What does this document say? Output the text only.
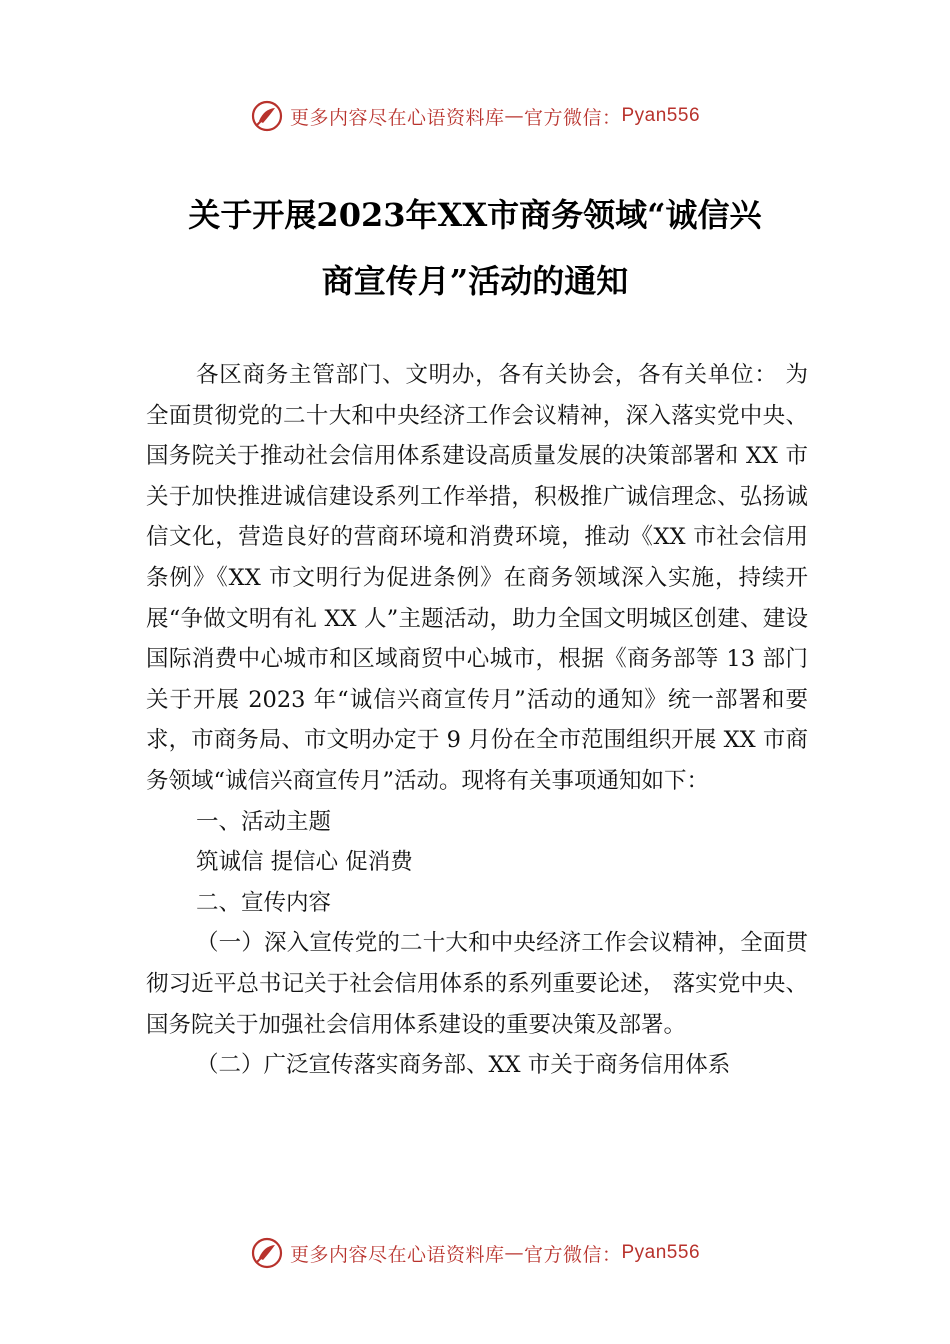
更多内容尽在心语资料库 — 官方微信： Pyan556
关于开展2023年XX市商务领域“诚信兴
商宣传月”活动的通知

各区商务主管部门、文明办，各有关协会，各有关单位： 为全面贯彻党的二十大和中央经济工作会议精神，深入落实党中央、国务院关于推动社会信用体系建设高质量发展的决策部署和 XX 市关于加快推进诚信建设系列工作举措，积极推广诚信理念、弘扬诚信文化，营造良好的营商环境和消费环境，推动《XX 市社会信用条例》《XX 市文明行为促进条例》在商务领域深入实施，持续开展“争做文明有礼 XX 人”主题活动，助力全国文明城区创建、建设国际消费中心城市和区域商贸中心城市，根据《商务部等 13 部门关于开展 2023 年“诚信兴商宣传月”活动的通知》统一部署和要求，市商务局、市文明办定于 9 月份在全市范围组织开展 XX 市商务领域“诚信兴商宣传月”活动。现将有关事项通知如下：

一、活动主题

筑诚信 提信心 促消费

二、宣传内容

（一）深入宣传党的二十大和中央经济工作会议精神，全面贯彻习近平总书记关于社会信用体系的系列重要论述， 落实党中央、国务院关于加强社会信用体系建设的重要决策及部署。

（二）广泛宣传落实商务部、XX 市关于商务信用体系

更多内容尽在心语资料库 — 官方微信： Pyan556
